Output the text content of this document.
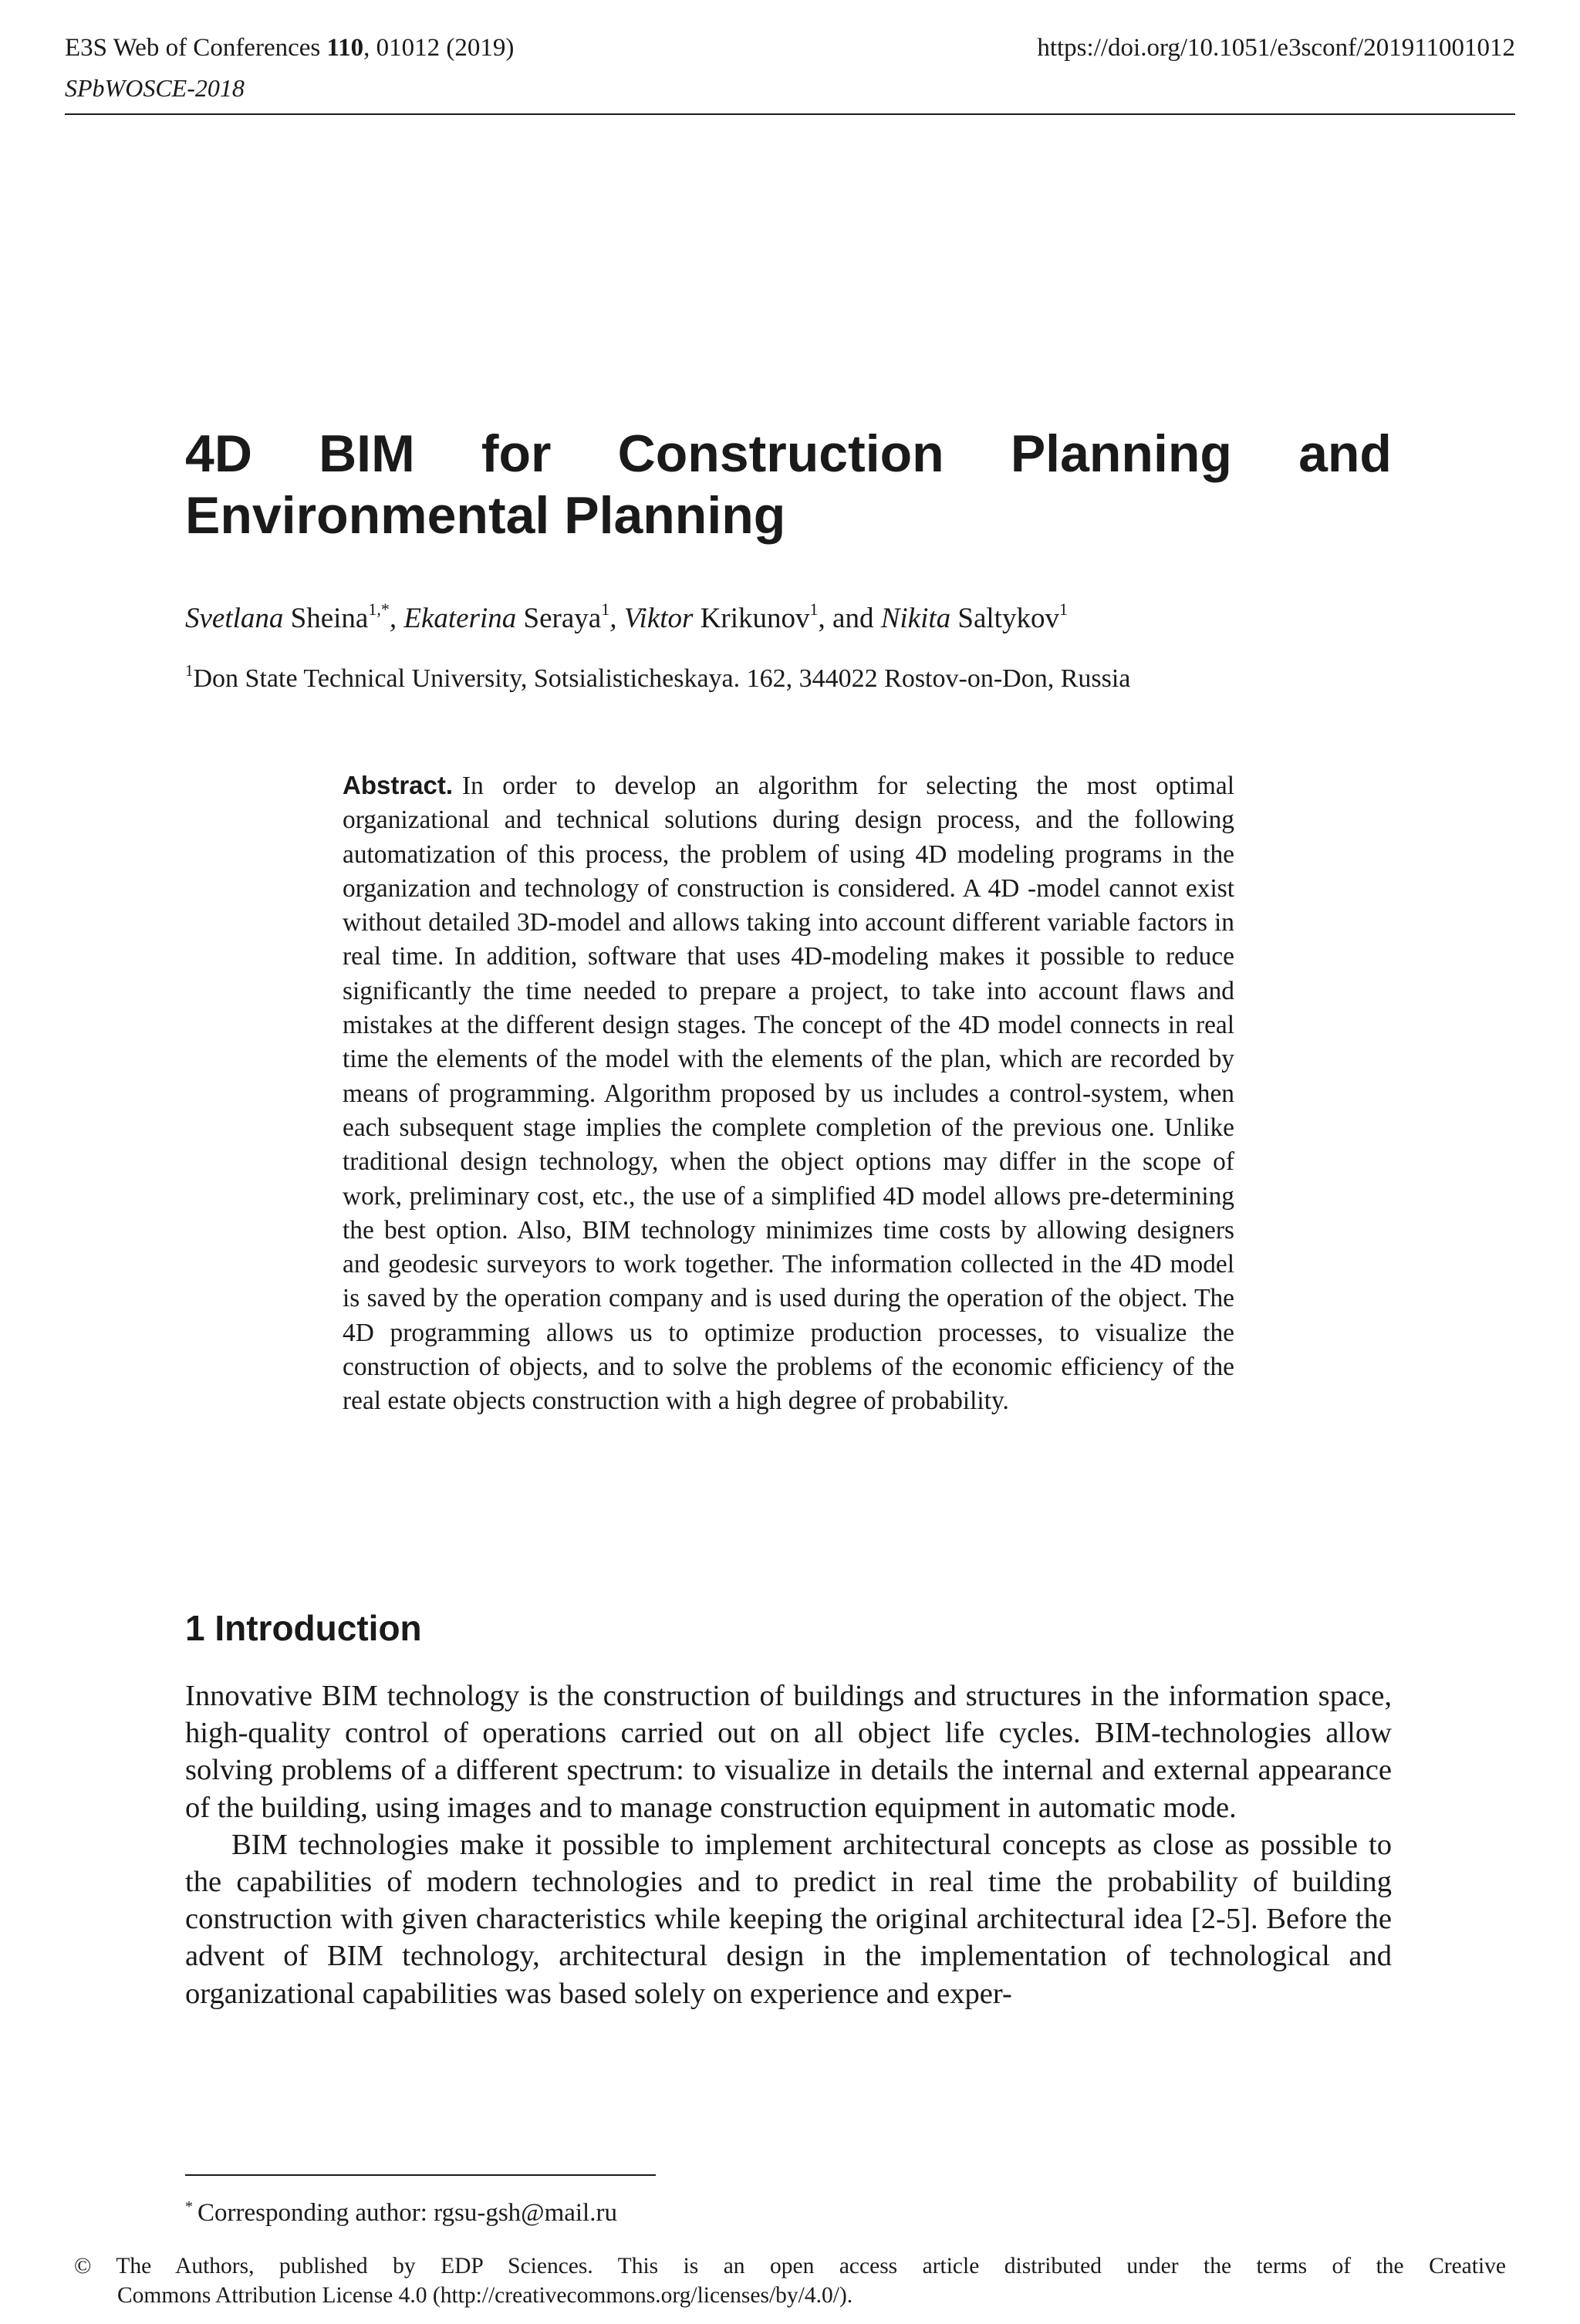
E3S Web of Conferences 110, 01012 (2019)
SPbWOSCE-2018
https://doi.org/10.1051/e3sconf/201911001012
4D BIM for Construction Planning and
Environmental Planning
Svetlana Sheina$^{1,*}$, Ekaterina Seraya$^1$, Viktor Krikunov$^1$, and Nikita Saltykov$^1$
$^1$Don State Technical University, Sotsialisticheskaya. 162, 344022 Rostov-on-Don, Russia

Abstract. In order to develop an algorithm for selecting the most optimal organizational and technical solutions during design process, and the following automatization of this process, the problem of using 4D modeling programs in the organization and technology of construction is considered. A 4D -model cannot exist without detailed 3D-model and allows taking into account different variable factors in real time. In addition, software that uses 4D-modeling makes it possible to reduce significantly the time needed to prepare a project, to take into account flaws and mistakes at the different design stages. The concept of the 4D model connects in real time the elements of the model with the elements of the plan, which are recorded by means of programming. Algorithm proposed by us includes a control-system, when each subsequent stage implies the complete completion of the previous one. Unlike traditional design technology, when the object options may differ in the scope of work, preliminary cost, etc., the use of a simplified 4D model allows pre-determining the best option. Also, BIM technology minimizes time costs by allowing designers and geodesic surveyors to work together. The information collected in the 4D model is saved by the operation company and is used during the operation of the object. The 4D programming allows us to optimize production processes, to visualize the construction of objects, and to solve the problems of the economic efficiency of the real estate objects construction with a high degree of probability.

1 Introduction

Innovative BIM technology is the construction of buildings and structures in the information space, high-quality control of operations carried out on all object life cycles. BIM-technologies allow solving problems of a different spectrum: to visualize in details the internal and external appearance of the building, using images and to manage construction equipment in automatic mode.

BIM technologies make it possible to implement architectural concepts as close as possible to the capabilities of modern technologies and to predict in real time the probability of building construction with given characteristics while keeping the original architectural idea [2-5]. Before the advent of BIM technology, architectural design in the implementation of technological and organizational capabilities was based solely on experience and exper-

* Corresponding author: rgsu-gsh@mail.ru
© The Authors, published by EDP Sciences. This is an open access article distributed under the terms of the Creative
Commons Attribution License 4.0 (http://creativecommons.org/licenses/by/4.0/).
